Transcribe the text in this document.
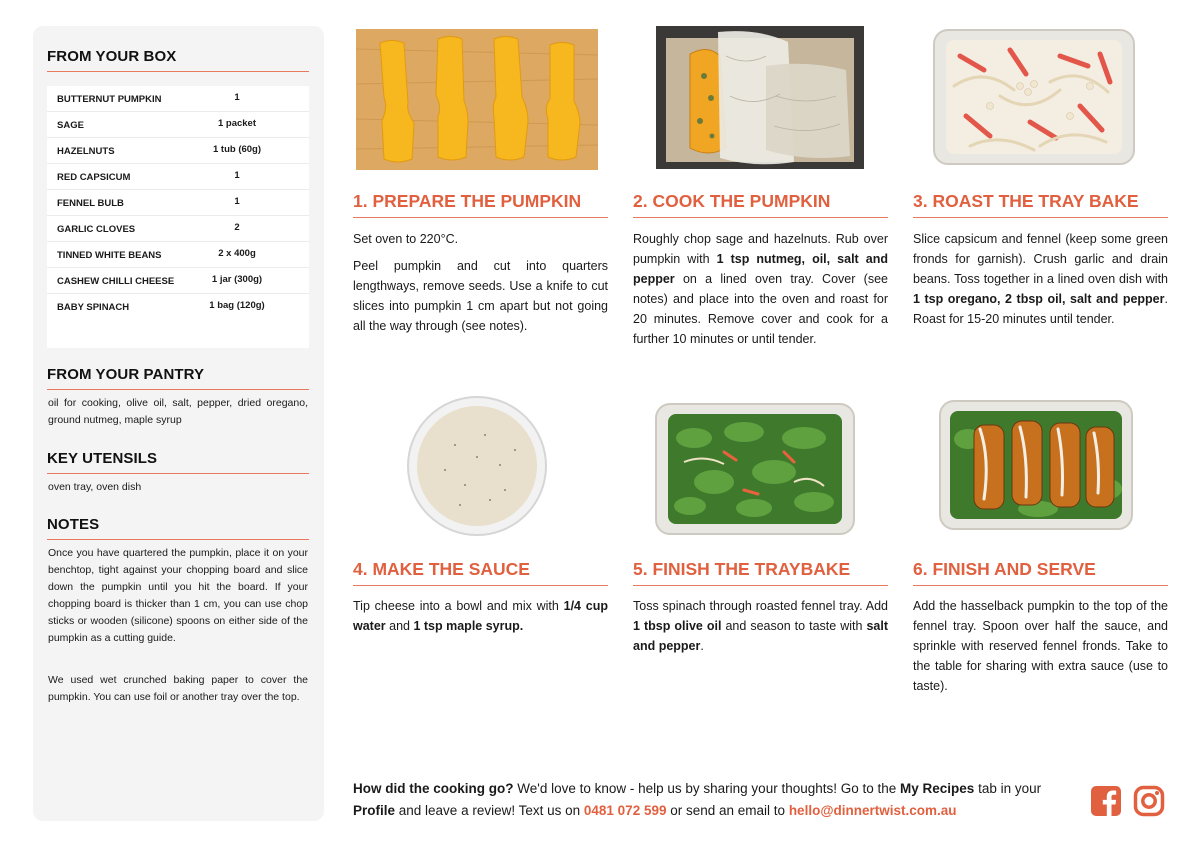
FROM YOUR BOX
BUTTERNUT PUMPKIN	1
SAGE	1 packet
HAZELNUTS	1 tub (60g)
RED CAPSICUM	1
FENNEL BULB	1
GARLIC CLOVES	2
TINNED WHITE BEANS	2 x 400g
CASHEW CHILLI CHEESE	1 jar (300g)
BABY SPINACH	1 bag (120g)
FROM YOUR PANTRY
oil for cooking, olive oil, salt, pepper, dried oregano, ground nutmeg, maple syrup
KEY UTENSILS
oven tray, oven dish
NOTES
Once you have quartered the pumpkin, place it on your benchtop, tight against your chopping board and slice down the pumpkin until you hit the board. If your chopping board is thicker than 1 cm, you can use chop sticks or wooden (silicone) spoons on either side of the pumpkin as a cutting guide.
We used wet crunched baking paper to cover the pumpkin. You can use foil or another tray over the top.
1. PREPARE THE PUMPKIN

Set oven to 220°C.

Peel pumpkin and cut into quarters lengthways, remove seeds. Use a knife to cut slices into pumpkin 1 cm apart but not going all the way through (see notes).

2. COOK THE PUMPKIN
Roughly chop sage and hazelnuts. Rub over pumpkin with 1 tsp nutmeg, oil, salt and pepper on a lined oven tray. Cover (see notes) and place into the oven and roast for 20 minutes. Remove cover and cook for a further 10 minutes or until tender.
3. ROAST THE TRAY BAKE
Slice capsicum and fennel (keep some green fronds for garnish). Crush garlic and drain beans. Toss together in a lined oven dish with 1 tsp oregano, 2 tbsp oil, salt and pepper. Roast for 15-20 minutes until tender.
4. MAKE THE SAUCE
Tip cheese into a bowl and mix with 1/4 cup water and 1 tsp maple syrup.
5. FINISH THE TRAYBAKE
Toss spinach through roasted fennel tray. Add 1 tbsp olive oil and season to taste with salt and pepper.
6. FINISH AND SERVE
Add the hasselback pumpkin to the top of the fennel tray. Spoon over half the sauce, and sprinkle with reserved fennel fronds. Take to the table for sharing with extra sauce (use to taste).
How did the cooking go? We'd love to know - help us by sharing your thoughts! Go to the My Recipes tab in your Profile and leave a review! Text us on 0481 072 599 or send an email to hello@dinnertwist.com.au
